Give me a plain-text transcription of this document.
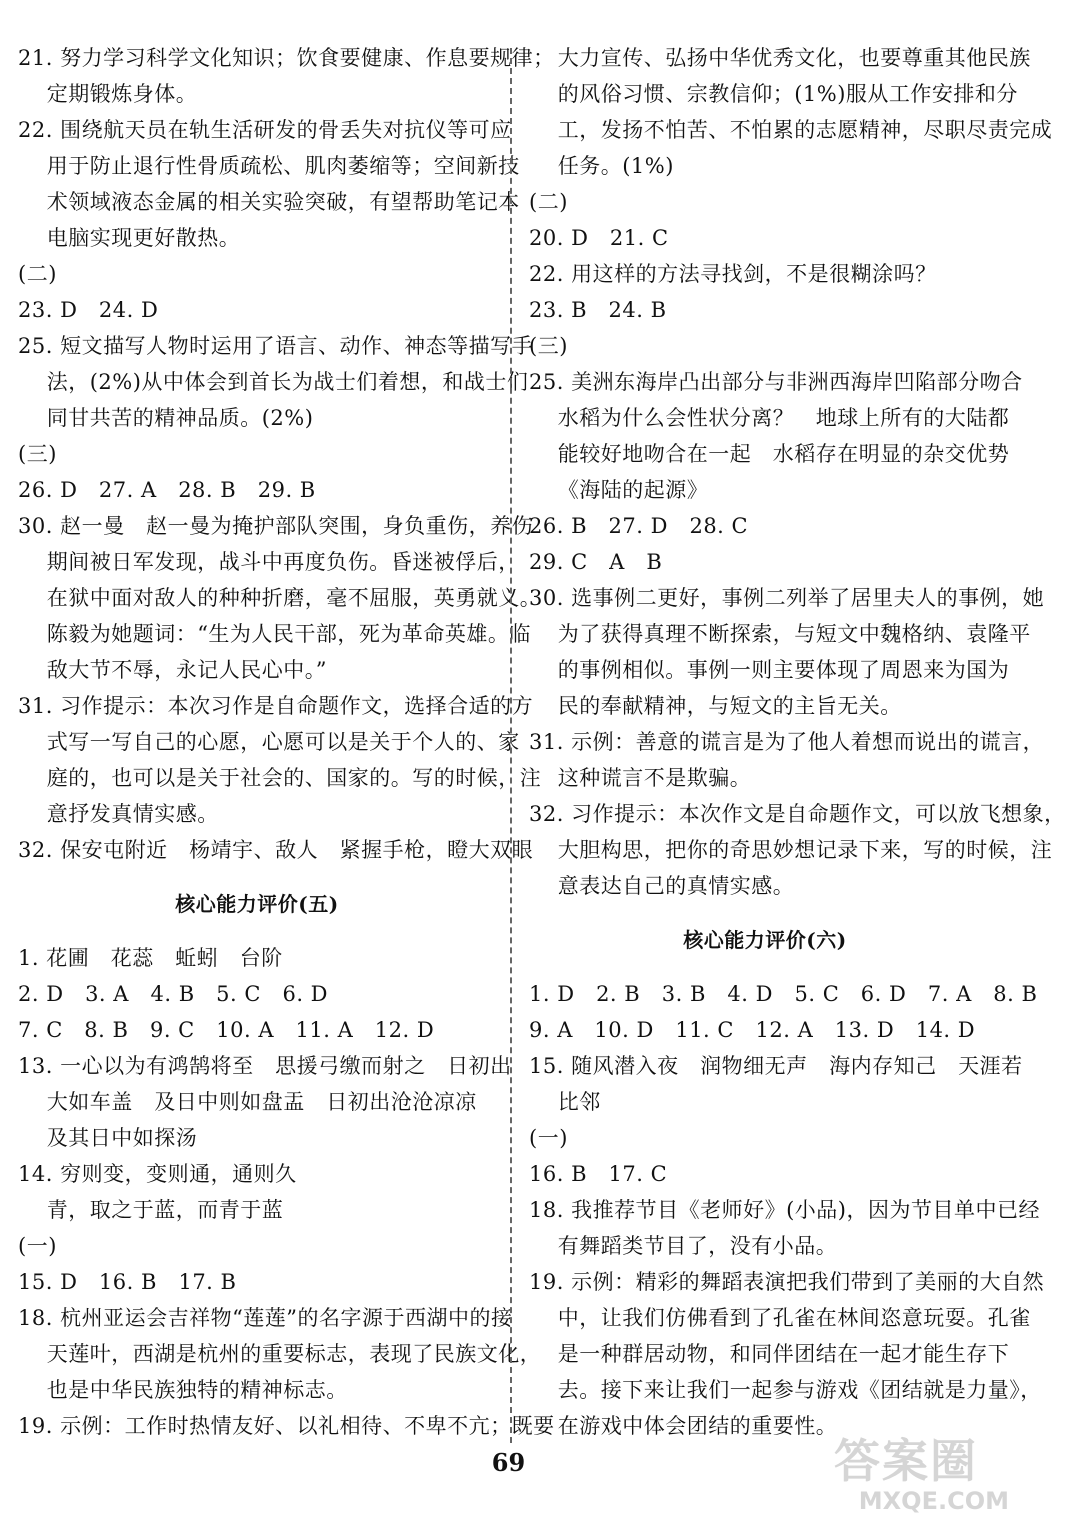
21. 努力学习科学文化知识；饮食要健康、作息要规律；
定期锻炼身体。
22. 围绕航天员在轨生活研发的骨丢失对抗仪等可应
用于防止退行性骨质疏松、肌肉萎缩等；空间新技
术领域液态金属的相关实验突破，有望帮助笔记本
电脑实现更好散热。
(二)
23. D   24. D
25. 短文描写人物时运用了语言、动作、神态等描写手
法，(2%)从中体会到首长为战士们着想，和战士们
同甘共苦的精神品质。(2%)
(三)
26. D   27. A   28. B   29. B
30. 赵一曼   赵一曼为掩护部队突围，身负重伤，养伤
期间被日军发现，战斗中再度负伤。昏迷被俘后，
在狱中面对敌人的种种折磨，毫不屈服，英勇就义。
陈毅为她题词：“生为人民干部，死为革命英雄。临
敌大节不辱，永记人民心中。”
31. 习作提示：本次习作是自命题作文，选择合适的方
式写一写自己的心愿，心愿可以是关于个人的、家
庭的，也可以是关于社会的、国家的。写的时候，注
意抒发真情实感。
32. 保安屯附近   杨靖宇、敌人   紧握手枪，瞪大双眼
核心能力评价(五)
1. 花圃   花蕊   蚯蚓   台阶
2. D   3. A   4. B   5. C   6. D
7. C   8. B   9. C   10. A   11. A   12. D
13. 一心以为有鸿鹄将至   思援弓缴而射之   日初出
大如车盖   及日中则如盘盂   日初出沧沧凉凉
及其日中如探汤
14. 穷则变，变则通，通则久
青，取之于蓝，而青于蓝
(一)
15. D   16. B   17. B
18. 杭州亚运会吉祥物“莲莲”的名字源于西湖中的接
天莲叶，西湖是杭州的重要标志，表现了民族文化，
也是中华民族独特的精神标志。
19. 示例：工作时热情友好、以礼相待、不卑不亢；既要
大力宣传、弘扬中华优秀文化，也要尊重其他民族
的风俗习惯、宗教信仰；(1%)服从工作安排和分
工，发扬不怕苦、不怕累的志愿精神，尽职尽责完成
任务。(1%)
(二)
20. D   21. C
22. 用这样的方法寻找剑，不是很糊涂吗？
23. B   24. B
(三)
25. 美洲东海岸凸出部分与非洲西海岸凹陷部分吻合
水稻为什么会性状分离？   地球上所有的大陆都
能较好地吻合在一起   水稻存在明显的杂交优势
《海陆的起源》
26. B   27. D   28. C
29. C   A   B
30. 选事例二更好，事例二列举了居里夫人的事例，她
为了获得真理不断探索，与短文中魏格纳、袁隆平
的事例相似。事例一则主要体现了周恩来为国为
民的奉献精神，与短文的主旨无关。
31. 示例：善意的谎言是为了他人着想而说出的谎言，
这种谎言不是欺骗。
32. 习作提示：本次作文是自命题作文，可以放飞想象，
大胆构思，把你的奇思妙想记录下来，写的时候，注
意表达自己的真情实感。
核心能力评价(六)
1. D   2. B   3. B   4. D   5. C   6. D   7. A   8. B
9. A   10. D   11. C   12. A   13. D   14. D
15. 随风潜入夜   润物细无声   海内存知己   天涯若
比邻
(一)
16. B   17. C
18. 我推荐节目《老师好》(小品)，因为节目单中已经
有舞蹈类节目了，没有小品。
19. 示例：精彩的舞蹈表演把我们带到了美丽的大自然
中，让我们仿佛看到了孔雀在林间恣意玩耍。孔雀
是一种群居动物，和同伴团结在一起才能生存下
去。接下来让我们一起参与游戏《团结就是力量》，
在游戏中体会团结的重要性。
69	答案圈
MXQE.COM
